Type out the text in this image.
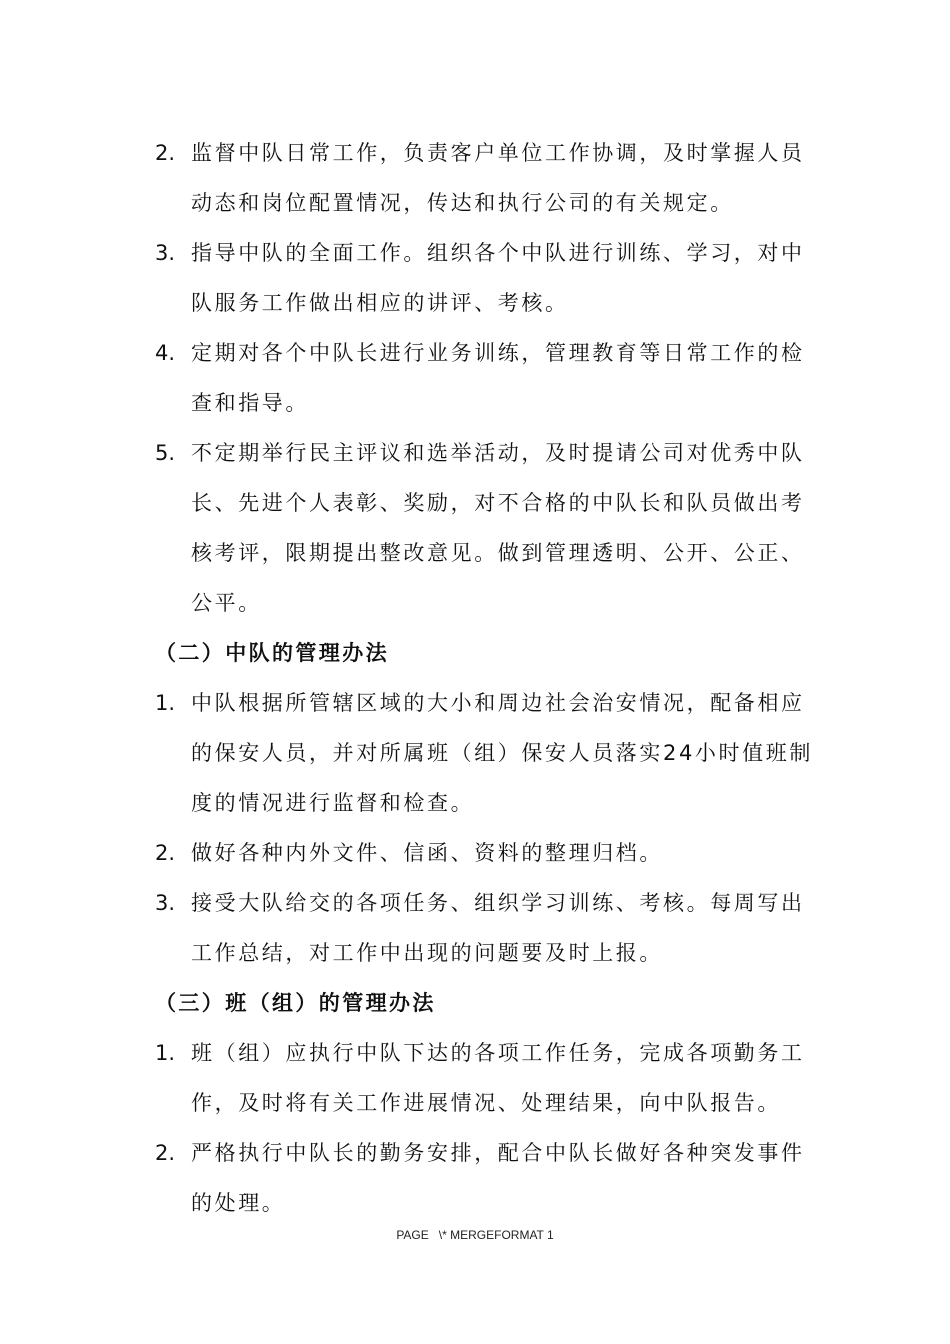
2. 监督中队日常工作，负责客户单位工作协调，及时掌握人员动态和岗位配置情况，传达和执行公司的有关规定。
3. 指导中队的全面工作。组织各个中队进行训练、学习，对中队服务工作做出相应的讲评、考核。
4. 定期对各个中队长进行业务训练，管理教育等日常工作的检查和指导。
5. 不定期举行民主评议和选举活动，及时提请公司对优秀中队长、先进个人表彰、奖励，对不合格的中队长和队员做出考核考评，限期提出整改意见。做到管理透明、公开、公正、公平。
（二）中队的管理办法
1. 中队根据所管辖区域的大小和周边社会治安情况，配备相应的保安人员，并对所属班（组）保安人员落实24小时值班制度的情况进行监督和检查。
2. 做好各种内外文件、信函、资料的整理归档。
3. 接受大队给交的各项任务、组织学习训练、考核。每周写出工作总结，对工作中出现的问题要及时上报。
（三）班（组）的管理办法
1. 班（组）应执行中队下达的各项工作任务，完成各项勤务工作，及时将有关工作进展情况、处理结果，向中队报告。
2. 严格执行中队长的勤务安排，配合中队长做好各种突发事件的处理。
PAGE   \* MERGEFORMAT 1
